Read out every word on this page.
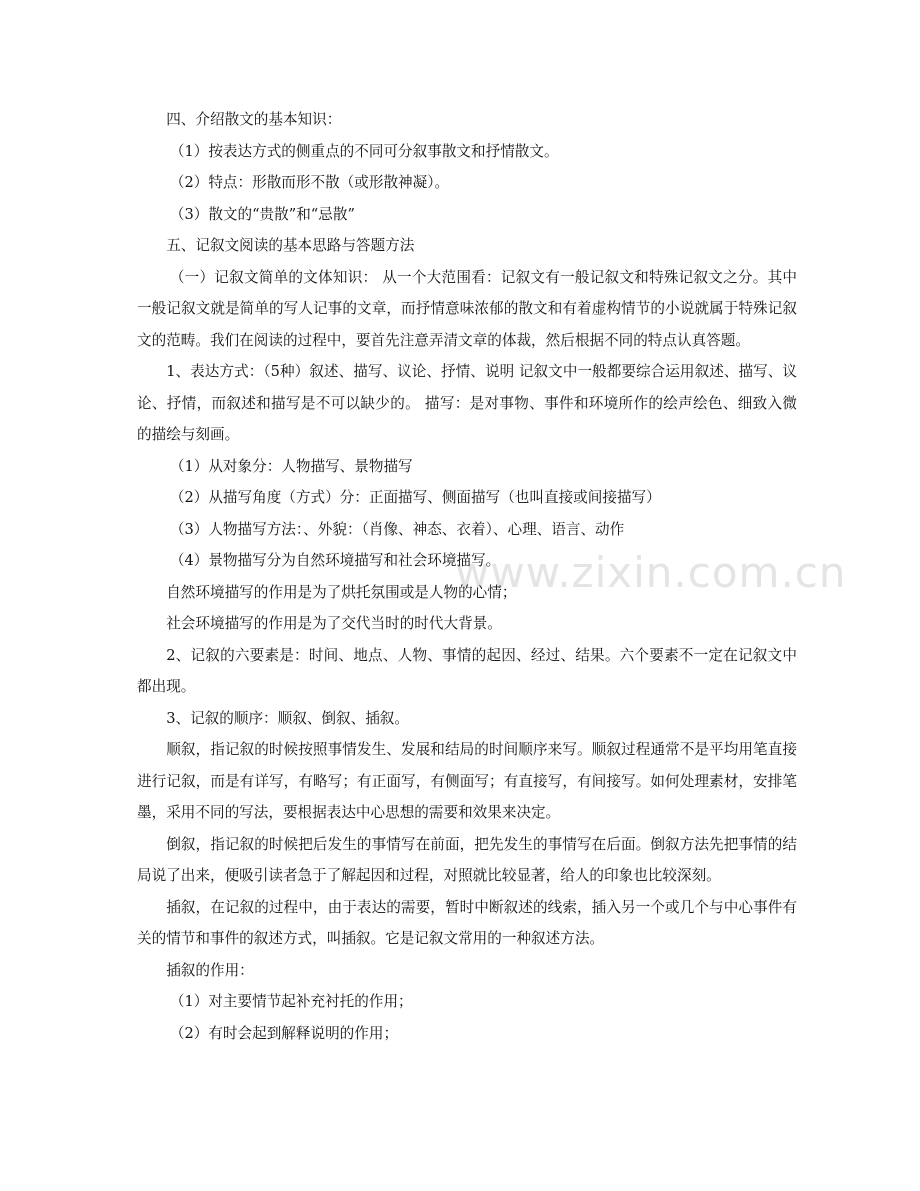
www.zixin.com.cn

四、介绍散文的基本知识：

（1）按表达方式的侧重点的不同可分叙事散文和抒情散文。

（2）特点：形散而形不散（或形散神凝）。

（3）散文的“贵散”和“忌散”

五、记叙文阅读的基本思路与答题方法

（一）记叙文简单的文体知识： 从一个大范围看：记叙文有一般记叙文和特殊记叙文之分。其中一般记叙文就是简单的写人记事的文章，而抒情意味浓郁的散文和有着虚构情节的小说就属于特殊记叙文的范畴。我们在阅读的过程中，要首先注意弄清文章的体裁，然后根据不同的特点认真答题。

1、表达方式：（5种）叙述、描写、议论、抒情、说明 记叙文中一般都要综合运用叙述、描写、议论、抒情，而叙述和描写是不可以缺少的。 描写：是对事物、事件和环境所作的绘声绘色、细致入微的描绘与刻画。

（1）从对象分：人物描写、景物描写

（2）从描写角度（方式）分：正面描写、侧面描写（也叫直接或间接描写）

（3）人物描写方法：、外貌：（肖像、神态、衣着）、心理、语言、动作

（4）景物描写分为自然环境描写和社会环境描写。

自然环境描写的作用是为了烘托氛围或是人物的心情；

社会环境描写的作用是为了交代当时的时代大背景。

2、记叙的六要素是：时间、地点、人物、事情的起因、经过、结果。六个要素不一定在记叙文中都出现。

3、记叙的顺序：顺叙、倒叙、插叙。

顺叙，指记叙的时候按照事情发生、发展和结局的时间顺序来写。顺叙过程通常不是平均用笔直接进行记叙，而是有详写，有略写；有正面写，有侧面写；有直接写，有间接写。如何处理素材，安排笔墨，采用不同的写法，要根据表达中心思想的需要和效果来决定。

倒叙，指记叙的时候把后发生的事情写在前面，把先发生的事情写在后面。倒叙方法先把事情的结局说了出来，便吸引读者急于了解起因和过程，对照就比较显著，给人的印象也比较深刻。

插叙，在记叙的过程中，由于表达的需要，暂时中断叙述的线索，插入另一个或几个与中心事件有关的情节和事件的叙述方式，叫插叙。它是记叙文常用的一种叙述方法。

插叙的作用：

（1）对主要情节起补充衬托的作用；

（2）有时会起到解释说明的作用；
